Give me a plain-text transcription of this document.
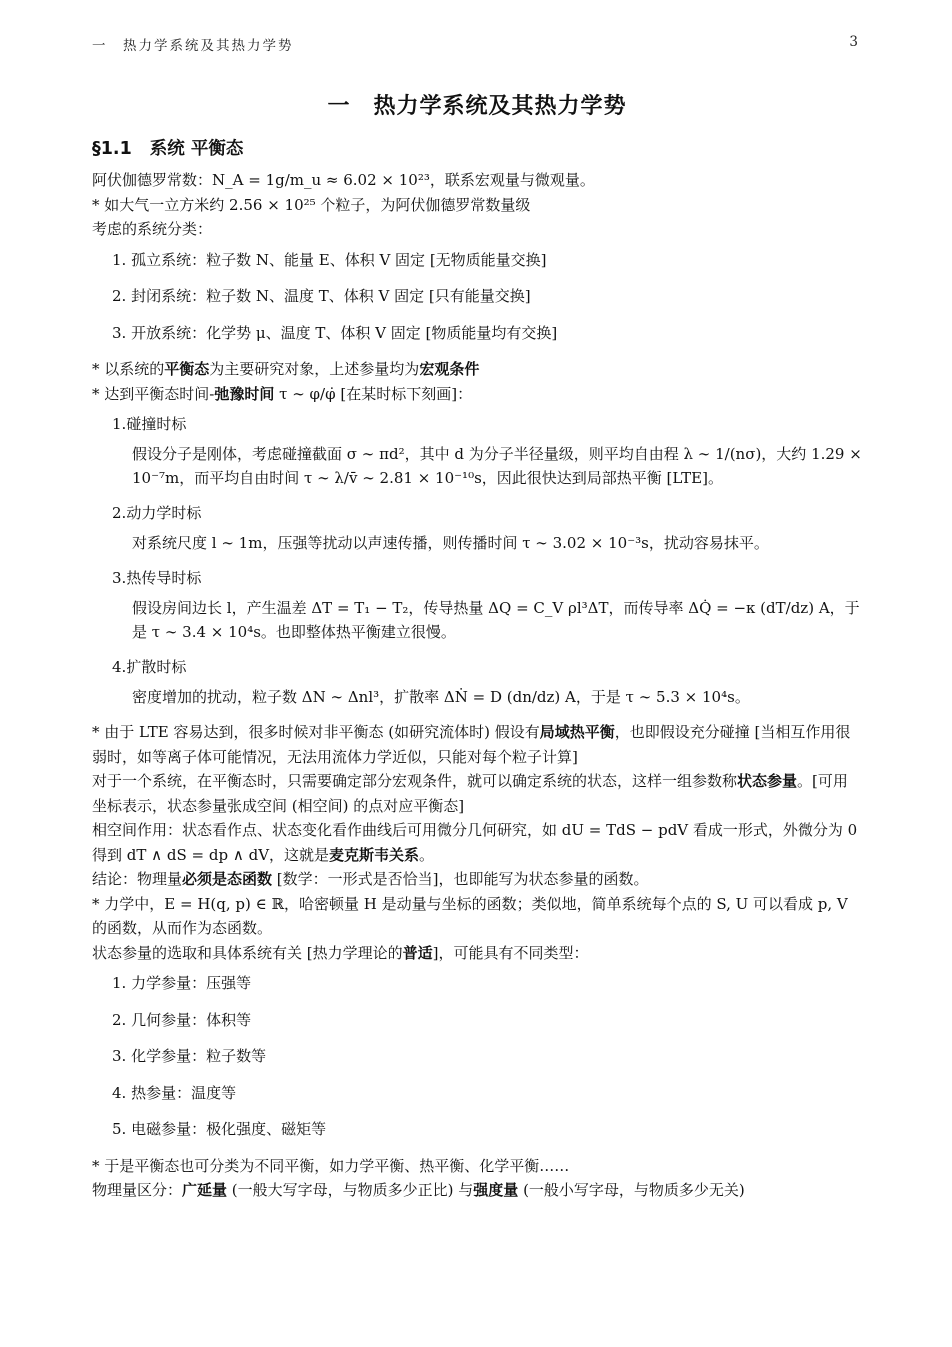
一　热力学系统及其热力学势	3
一　热力学系统及其热力学势
§1.1 系统 平衡态

阿伏伽德罗常数：N_A = 1g/m_u ≈ 6.02 × 10²³，联系宏观量与微观量。

* 如大气一立方米约 2.56 × 10²⁵ 个粒子，为阿伏伽德罗常数量级

考虑的系统分类：

1. 孤立系统：粒子数 N、能量 E、体积 V 固定 [无物质能量交换]
2. 封闭系统：粒子数 N、温度 T、体积 V 固定 [只有能量交换]
3. 开放系统：化学势 μ、温度 T、体积 V 固定 [物质能量均有交换]

* 以系统的平衡态为主要研究对象，上述参量均为宏观条件

* 达到平衡态时间-弛豫时间 τ ∼ φ/φ̇ [在某时标下刻画]：

1.碰撞时标
假设分子是刚体，考虑碰撞截面 σ ∼ πd²，其中 d 为分子半径量级，则平均自由程 λ ∼ 1/(nσ)，大约 1.29 × 10⁻⁷m，而平均自由时间 τ ∼ λ/v̄ ∼ 2.81 × 10⁻¹⁰s，因此很快达到局部热平衡 [LTE]。
2.动力学时标
对系统尺度 l ∼ 1m，压强等扰动以声速传播，则传播时间 τ ∼ 3.02 × 10⁻³s，扰动容易抹平。
3.热传导时标
假设房间边长 l，产生温差 ΔT = T₁ − T₂，传导热量 ΔQ = C_V ρl³ΔT，而传导率 ΔQ̇ = −κ (dT/dz) A，于是 τ ∼ 3.4 × 10⁴s。也即整体热平衡建立很慢。
4.扩散时标
密度增加的扰动，粒子数 ΔN ∼ Δnl³，扩散率 ΔṄ = D (dn/dz) A，于是 τ ∼ 5.3 × 10⁴s。

* 由于 LTE 容易达到，很多时候对非平衡态 (如研究流体时) 假设有局域热平衡，也即假设充分碰撞 [当相互作用很弱时，如等离子体可能情况，无法用流体力学近似，只能对每个粒子计算]

对于一个系统，在平衡态时，只需要确定部分宏观条件，就可以确定系统的状态，这样一组参数称状态参量。[可用坐标表示，状态参量张成空间 (相空间) 的点对应平衡态]

相空间作用：状态看作点、状态变化看作曲线后可用微分几何研究，如 dU = TdS − pdV 看成一形式，外微分为 0 得到 dT ∧ dS = dp ∧ dV，这就是麦克斯韦关系。

结论：物理量必须是态函数 [数学：一形式是否恰当]，也即能写为状态参量的函数。

* 力学中，E = H(q, p) ∈ ℝ，哈密顿量 H 是动量与坐标的函数；类似地，简单系统每个点的 S, U 可以看成 p, V 的函数，从而作为态函数。

状态参量的选取和具体系统有关 [热力学理论的普适]，可能具有不同类型：

1. 力学参量：压强等
2. 几何参量：体积等
3. 化学参量：粒子数等
4. 热参量：温度等
5. 电磁参量：极化强度、磁矩等

* 于是平衡态也可分类为不同平衡，如力学平衡、热平衡、化学平衡……

物理量区分：广延量 (一般大写字母，与物质多少正比) 与强度量 (一般小写字母，与物质多少无关)
